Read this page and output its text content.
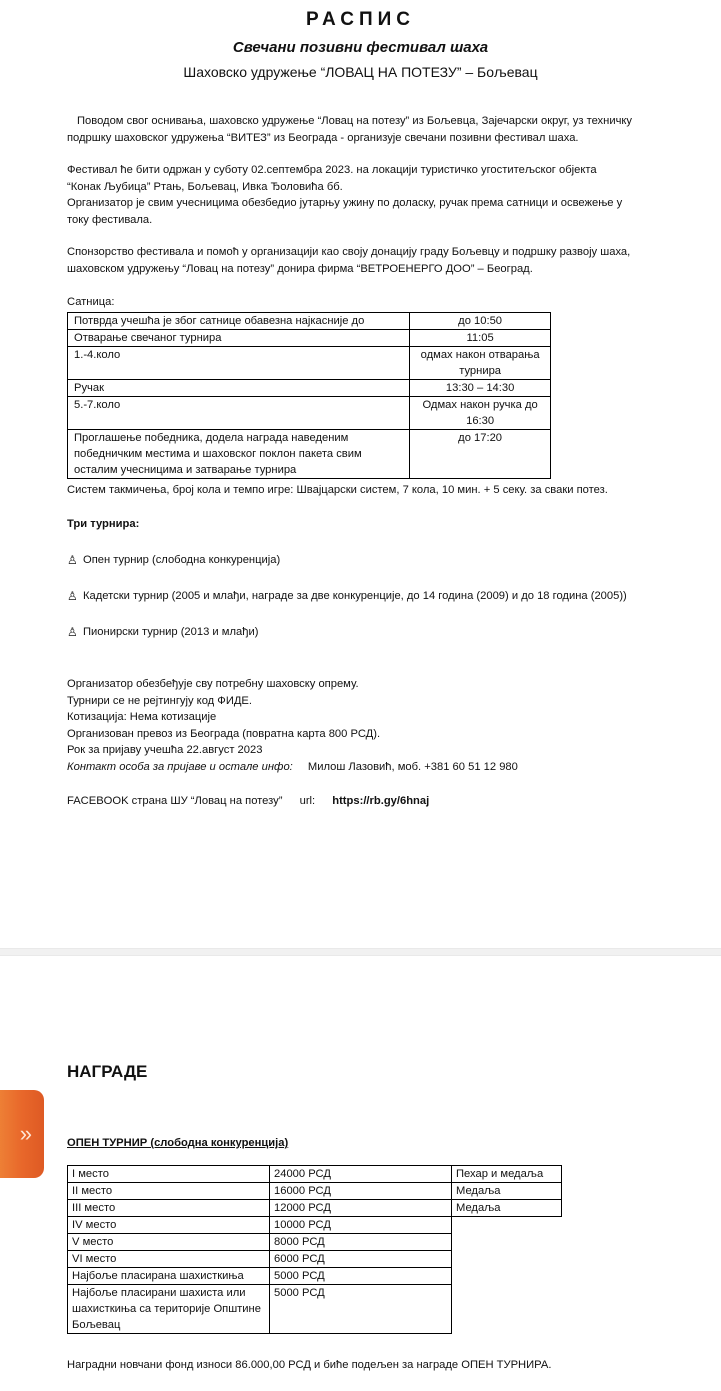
РАСПИС
Свечани позивни фестивал шаха
Шаховско удружење “ЛОВАЦ НА ПОТЕЗУ” – Бољевац
Поводом свог оснивања, шаховско удружење “Ловац на потезу” из Бољевца, Зајечарски округ, уз техничку
подршку шаховског удружења “ВИТЕЗ” из Београда - организује свечани позивни фестивал шаха.
Фестивал ће бити одржан у суботу 02.септембра 2023. на локацији туристичко угоститељског објекта
“Конак Љубица” Ртањ, Бољевац, Ивка Ђоловића бб.
Организатор је свим учесницима обезбедио јутарњу ужину по доласку, ручак према сатници и освежење у
току фестивала.
Спонзорство фестивала и помоћ у организацији као своју донацију граду Бољевцу и подршку развоју шаха,
шаховском удружењу “Ловац на потезу” донира фирма “ВЕТРОЕНЕРГО ДОО” – Београд.
Сатница:
Потврда учешћа је због сатнице обавезна најкасније до	до 10:50
Отварање свечаног турнира	11:05
1.-4.коло	одмах након отварања турнира
Ручак	13:30 – 14:30
5.-7.коло	Одмах након ручка до 16:30
Проглашење победника, додела награда наведеним победничким местима и шаховског поклон пакета свим осталим учесницима и затварање турнира	до 17:20
Систем такмичења, број кола и темпо игре: Швајцарски систем, 7 кола, 10 мин. + 5 секу. за сваки потез.
Три турнира:
♙ Опен турнир (слободна конкуренција)
♙ Кадетски турнир (2005 и млађи, награде за две конкуренције, до 14 година (2009) и до 18 година (2005))
♙ Пионирски турнир (2013 и млађи)
Организатор обезбеђује сву потребну шаховску опрему.
Турнири се не рејтингују код ФИДЕ.
Котизација: Нема котизације
Организован превоз из Београда (повратна карта 800 РСД).
Рок за пријаву учешћа 22.август 2023
Контакт особа за пријаве и остале инфо: Милош Лазовић, моб. +381 60 51 12 980
FACEBOOK страна ШУ “Ловац на потезу” url: https://rb.gy/6hnaj
»
НАГРАДЕ
ОПЕН ТУРНИР (слободна конкуренција)
I место	24000 РСД	Пехар и медаља
II место	16000 РСД	Медаља
III место	12000 РСД	Медаља
IV место	10000 РСД	
V место	8000 РСД	
VI место	6000 РСД	
Најбоље пласирана шахисткиња	5000 РСД	
Најбоље пласирани шахиста или шахисткиња са територије Општине Бољевац	5000 РСД	
Наградни новчани фонд износи 86.000,00 РСД и биће подељен за награде ОПЕН ТУРНИРА.
